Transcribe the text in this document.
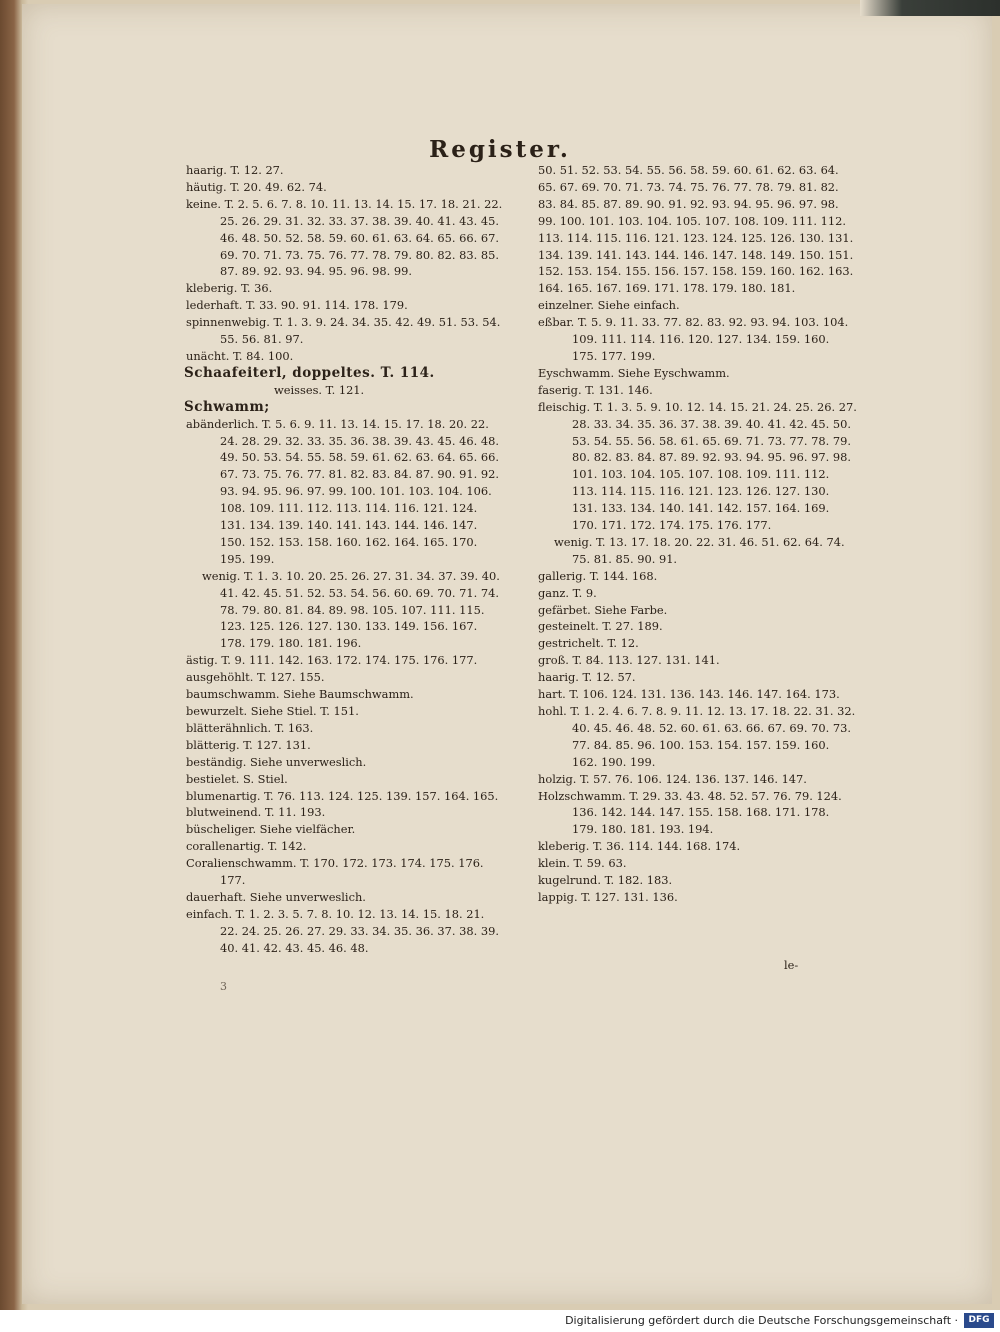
Register.
haarig. T. 12. 27.
häutig. T. 20. 49. 62. 74.
keine. T. 2. 5. 6. 7. 8. 10. 11. 13. 14. 15. 17. 18. 21. 22. 25. 26. 29. 31. 32. 33. 37. 38. 39. 40. 41. 43. 45. 46. 48. 50. 52. 58. 59. 60. 61. 63. 64. 65. 66. 67. 69. 70. 71. 73. 75. 76. 77. 78. 79. 80. 82. 83. 85. 87. 89. 92. 93. 94. 95. 96. 98. 99.
kleberig. T. 36.
lederhaft. T. 33. 90. 91. 114. 178. 179.
spinnenwebig. T. 1. 3. 9. 24. 34. 35. 42. 49. 51. 53. 54. 55. 56. 81. 97.
unächt. T. 84. 100.
Schaafeiterl, doppeltes. T. 114.
weisses. T. 121.
Schwamm;
abänderlich. T. 5. 6. 9. 11. 13. 14. 15. 17. 18. 20. 22. 24. 28. 29. 32. 33. 35. 36. 38. 39. 43. 45. 46. 48. 49. 50. 53. 54. 55. 58. 59. 61. 62. 63. 64. 65. 66. 67. 73. 75. 76. 77. 81. 82. 83. 84. 87. 90. 91. 92. 93. 94. 95. 96. 97. 99. 100. 101. 103. 104. 106. 108. 109. 111. 112. 113. 114. 116. 121. 124. 131. 134. 139. 140. 141. 143. 144. 146. 147. 150. 152. 153. 158. 160. 162. 164. 165. 170. 195. 199.
wenig. T. 1. 3. 10. 20. 25. 26. 27. 31. 34. 37. 39. 40. 41. 42. 45. 51. 52. 53. 54. 56. 60. 69. 70. 71. 74. 78. 79. 80. 81. 84. 89. 98. 105. 107. 111. 115. 123. 125. 126. 127. 130. 133. 149. 156. 167. 178. 179. 180. 181. 196.
ästig. T. 9. 111. 142. 163. 172. 174. 175. 176. 177.
ausgehöhlt. T. 127. 155.
baumschwamm. Siehe Baumschwamm.
bewurzelt. Siehe Stiel. T. 151.
blätterähnlich. T. 163.
blätterig. T. 127. 131.
beständig. Siehe unverweslich.
bestielet. S. Stiel.
blumenartig. T. 76. 113. 124. 125. 139. 157. 164. 165.
blutweinend. T. 11. 193.
büscheliger. Siehe vielfächer.
corallenartig. T. 142.
Coralienschwamm. T. 170. 172. 173. 174. 175. 176. 177.
dauerhaft. Siehe unverweslich.
einfach. T. 1. 2. 3. 5. 7. 8. 10. 12. 13. 14. 15. 18. 21. 22. 24. 25. 26. 27. 29. 33. 34. 35. 36. 37. 38. 39. 40. 41. 42. 43. 45. 46. 48.
50. 51. 52. 53. 54. 55. 56. 58. 59. 60. 61. 62. 63. 64. 65. 67. 69. 70. 71. 73. 74. 75. 76. 77. 78. 79. 81. 82. 83. 84. 85. 87. 89. 90. 91. 92. 93. 94. 95. 96. 97. 98. 99. 100. 101. 103. 104. 105. 107. 108. 109. 111. 112. 113. 114. 115. 116. 121. 123. 124. 125. 126. 130. 131. 134. 139. 141. 143. 144. 146. 147. 148. 149. 150. 151. 152. 153. 154. 155. 156. 157. 158. 159. 160. 162. 163. 164. 165. 167. 169. 171. 178. 179. 180. 181.
einzelner. Siehe einfach.
eßbar. T. 5. 9. 11. 33. 77. 82. 83. 92. 93. 94. 103. 104. 109. 111. 114. 116. 120. 127. 134. 159. 160. 175. 177. 199.
Eyschwamm. Siehe Eyschwamm.
faserig. T. 131. 146.
fleischig. T. 1. 3. 5. 9. 10. 12. 14. 15. 21. 24. 25. 26. 27. 28. 33. 34. 35. 36. 37. 38. 39. 40. 41. 42. 45. 50. 53. 54. 55. 56. 58. 61. 65. 69. 71. 73. 77. 78. 79. 80. 82. 83. 84. 87. 89. 92. 93. 94. 95. 96. 97. 98. 101. 103. 104. 105. 107. 108. 109. 111. 112. 113. 114. 115. 116. 121. 123. 126. 127. 130. 131. 133. 134. 140. 141. 142. 157. 164. 169. 170. 171. 172. 174. 175. 176. 177.
wenig. T. 13. 17. 18. 20. 22. 31. 46. 51. 62. 64. 74. 75. 81. 85. 90. 91.
gallerig. T. 144. 168.
ganz. T. 9.
gefärbet. Siehe Farbe.
gesteinelt. T. 27. 189.
gestrichelt. T. 12.
groß. T. 84. 113. 127. 131. 141.
haarig. T. 12. 57.
hart. T. 106. 124. 131. 136. 143. 146. 147. 164. 173.
hohl. T. 1. 2. 4. 6. 7. 8. 9. 11. 12. 13. 17. 18. 22. 31. 32. 40. 45. 46. 48. 52. 60. 61. 63. 66. 67. 69. 70. 73. 77. 84. 85. 96. 100. 153. 154. 157. 159. 160. 162. 190. 199.
holzig. T. 57. 76. 106. 124. 136. 137. 146. 147.
Holzschwamm. T. 29. 33. 43. 48. 52. 57. 76. 79. 124. 136. 142. 144. 147. 155. 158. 168. 171. 178. 179. 180. 181. 193. 194.
kleberig. T. 36. 114. 144. 168. 174.
klein. T. 59. 63.
kugelrund. T. 182. 183.
lappig. T. 127. 131. 136.
le-
3
Digitalisierung gefördert durch die Deutsche Forschungsgemeinschaft ·	DFG
